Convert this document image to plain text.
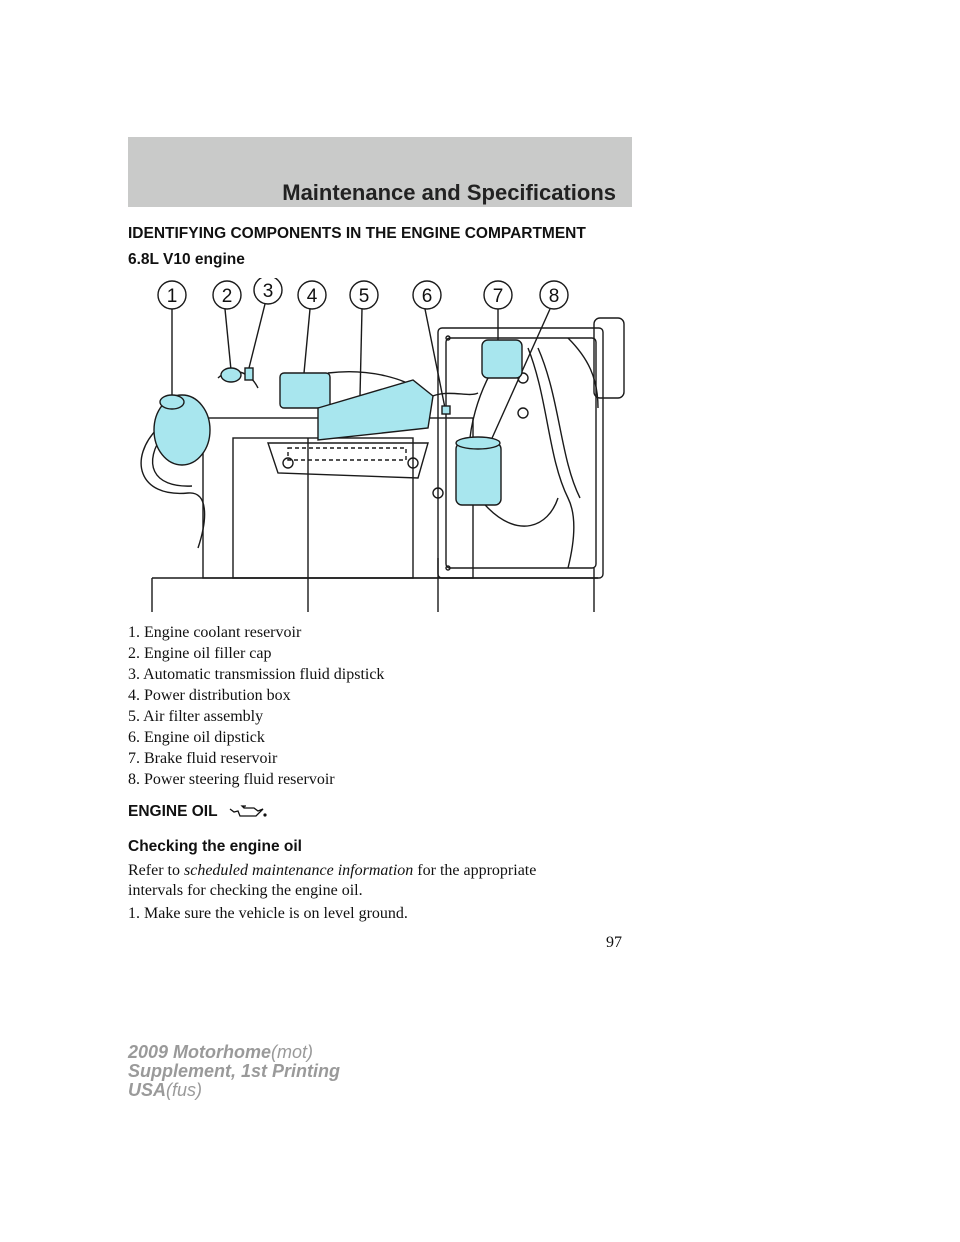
Maintenance and Specifications
IDENTIFYING COMPONENTS IN THE ENGINE COMPARTMENT
6.8L V10 engine
1 2 3 4 5	6	7 8
1. Engine coolant reservoir
2. Engine oil filler cap
3. Automatic transmission fluid dipstick
4. Power distribution box
5. Air filter assembly
6. Engine oil dipstick
7. Brake fluid reservoir
8. Power steering fluid reservoir
ENGINE OIL
Checking the engine oil
Refer to scheduled maintenance information for the appropriate
intervals for checking the engine oil.
1. Make sure the vehicle is on level ground.
97
2009 Motorhome(mot)
Supplement, 1st Printing
USA(fus)
